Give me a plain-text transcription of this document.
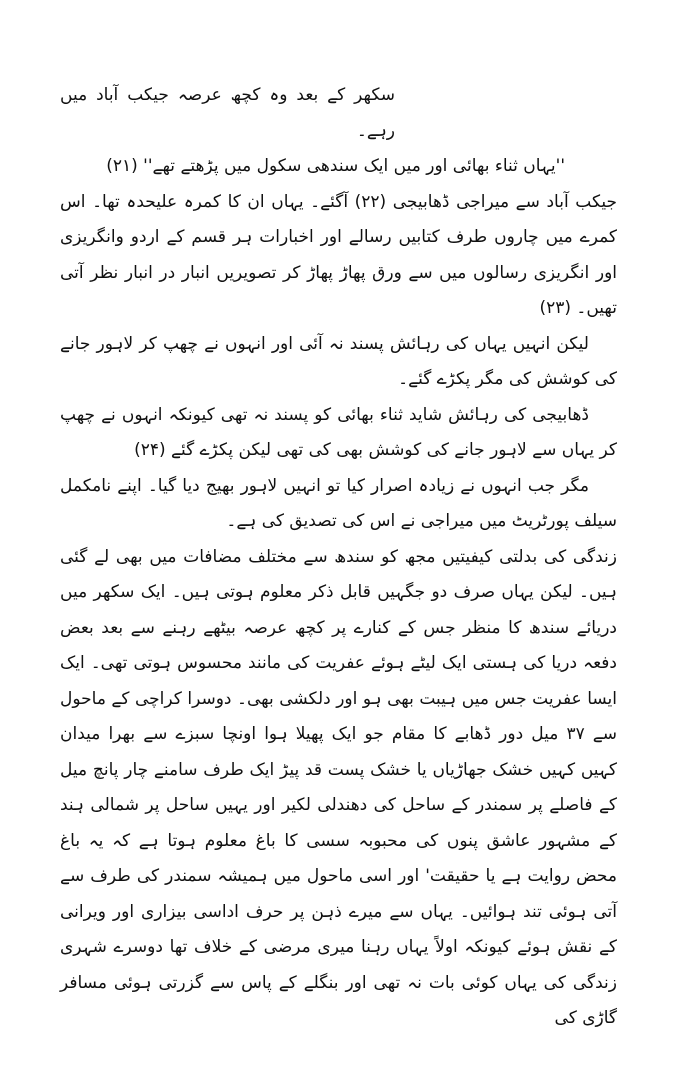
سکھر کے بعد وہ کچھ عرصہ جیکب آباد میں رہے۔

''یہاں ثناء بھائی اور میں ایک سندھی سکول میں پڑھتے تھے'' (۲۱)

جیکب آباد سے میراجی ڈھابیجی (۲۲) آگئے۔ یہاں ان کا کمرہ علیحدہ تھا۔ اس کمرے میں چاروں طرف کتابیں رسالے اور اخبارات ہر قسم کے اردو وانگریزی اور انگریزی رسالوں میں سے ورق پھاڑ پھاڑ کر تصویریں انبار در انبار نظر آتی تھیں۔ (۲۳)

لیکن انہیں یہاں کی رہائش پسند نہ آئی اور انہوں نے چھپ کر لاہور جانے کی کوشش کی مگر پکڑے گئے۔

ڈھابیجی کی رہائش شاید ثناء بھائی کو پسند نہ تھی کیونکہ انہوں نے چھپ کر یہاں سے لاہور جانے کی کوشش بھی کی تھی لیکن پکڑے گئے (۲۴)

مگر جب انہوں نے زیادہ اصرار کیا تو انہیں لاہور بھیج دیا گیا۔ اپنے نامکمل سیلف پورٹریٹ میں میراجی نے اس کی تصدیق کی ہے۔

زندگی کی بدلتی کیفیتیں مجھ کو سندھ سے مختلف مضافات میں بھی لے گئی ہیں۔ لیکن یہاں صرف دو جگہیں قابل ذکر معلوم ہوتی ہیں۔ ایک سکھر میں دریائے سندھ کا منظر جس کے کنارے پر کچھ عرصہ بیٹھے رہنے سے بعد بعض دفعہ دریا کی ہستی ایک لیٹے ہوئے عفریت کی مانند محسوس ہوتی تھی۔ ایک ایسا عفریت جس میں ہیبت بھی ہو اور دلکشی بھی۔ دوسرا کراچی کے ماحول سے ۳۷ میل دور ڈھابے کا مقام جو ایک پھیلا ہوا اونچا سبزے سے بھرا میدان کہیں کہیں خشک جھاڑیاں یا خشک پست قد پیڑ ایک طرف سامنے چار پانچ میل کے فاصلے پر سمندر کے ساحل کی دھندلی لکیر اور یہیں ساحل پر شمالی ہند کے مشہور عاشق پنوں کی محبوبہ سسی کا باغ معلوم ہوتا ہے کہ یہ باغ محض روایت ہے یا حقیقت' اور اسی ماحول میں ہمیشہ سمندر کی طرف سے آتی ہوئی تند ہوائیں۔ یہاں سے میرے ذہن پر حرف اداسی بیزاری اور ویرانی کے نقش ہوئے کیونکہ اولاً یہاں رہنا میری مرضی کے خلاف تھا دوسرے شہری زندگی کی یہاں کوئی بات نہ تھی اور بنگلے کے پاس سے گزرتی ہوئی مسافر گاڑی کی
